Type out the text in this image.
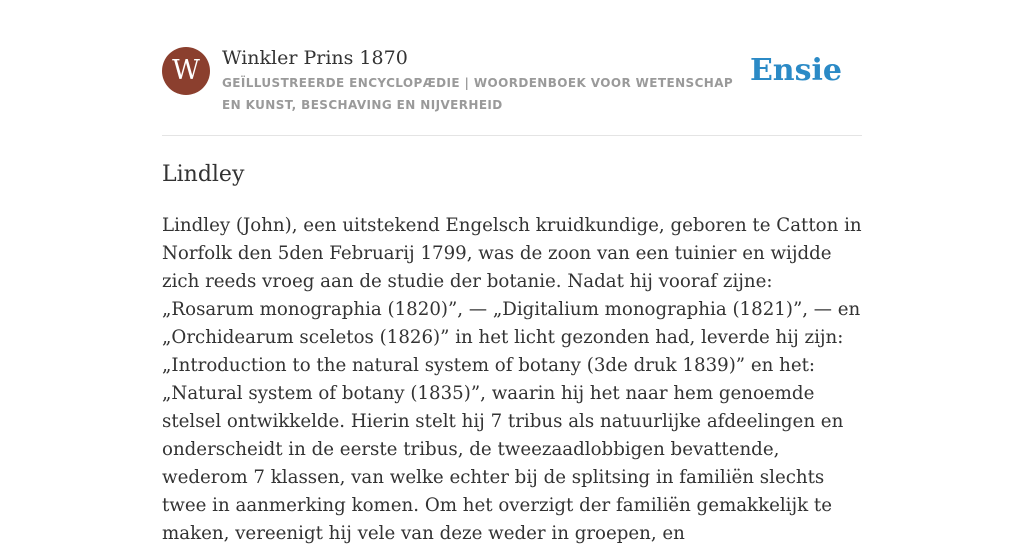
W	Winkler Prins 1870
GEÏLLUSTREERDE ENCYCLOPÆDIE | WOORDENBOEK VOOR WETENSCHAP EN KUNST, BESCHAVING EN NIJVERHEID
Ensie
Lindley

Lindley (John), een uitstekend Engelsch kruidkundige, geboren te Catton in Norfolk den 5den Februarij 1799, was de zoon van een tuinier en wijdde zich reeds vroeg aan de studie der botanie. Nadat hij vooraf zijne: „Rosarum monographia (1820)”, — „Digitalium monographia (1821)”, — en „Orchidearum sceletos (1826)” in het licht gezonden had, leverde hij zijn: „Introduction to the natural system of botany (3de druk 1839)” en het: „Natural system of botany (1835)”, waarin hij het naar hem genoemde stelsel ontwikkelde. Hierin stelt hij 7 tribus als natuurlijke afdeelingen en onderscheidt in de eerste tribus, de tweezaadlobbigen bevattende, wederom 7 klassen, van welke echter bij de splitsing in familiën slechts twee in aanmerking komen. Om het overzigt der familiën gemakkelijk te maken, vereenigt hij vele van deze weder in groepen, en
